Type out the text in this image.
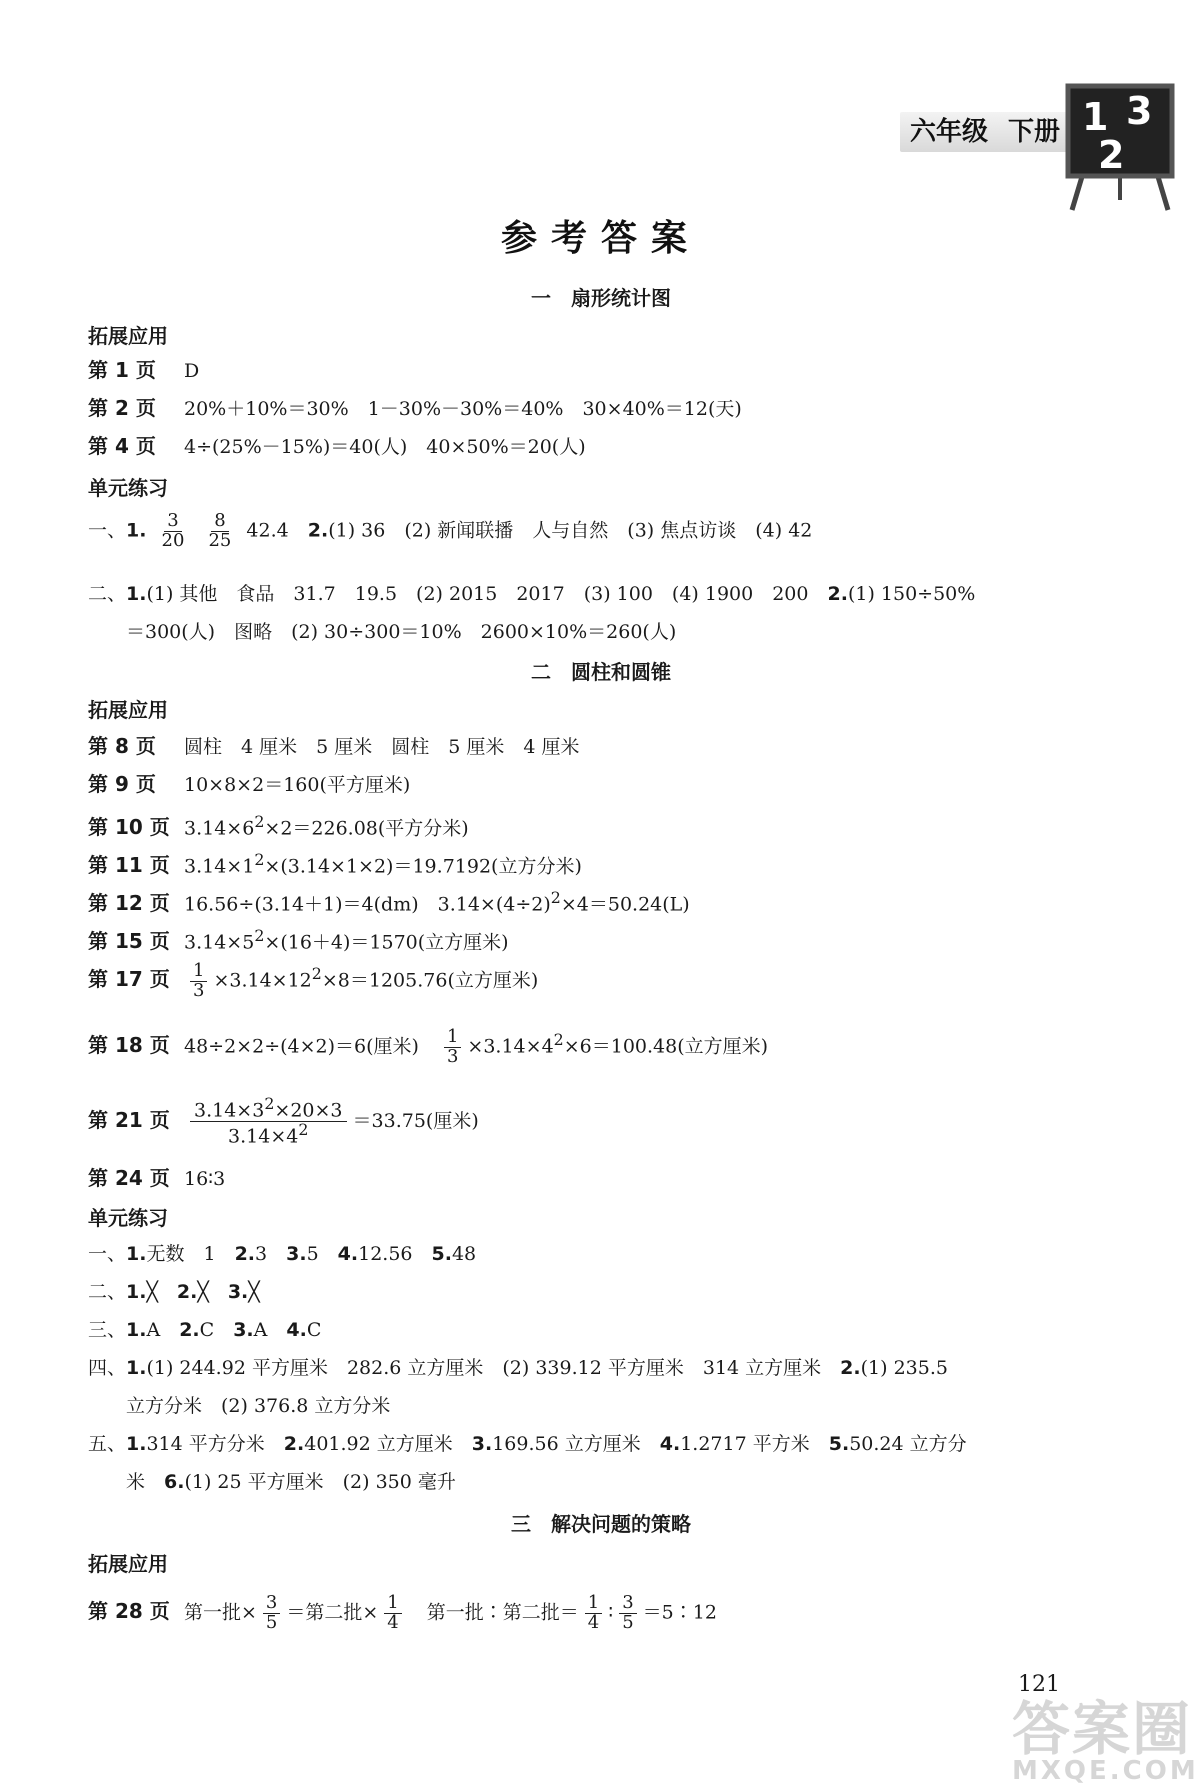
六年级 下册 1 3
2
参考答案
一　扇形统计图
拓展应用
第 1 页 D
第 2 页 20%＋10%＝30%　1－30%－30%＝40%　30×40%＝12(天)
第 4 页 4÷(25%－15%)＝40(人)　40×50%＝20(人)
单元练习
一、1. $\frac{3}{20}$
$\frac{8}{25} 42.4$　 2.(1) 36　(2) 新闻联播　人与自然　(3) 焦点访谈　(4) 42
二、1.(1) 其他　食品　31.7　19.5　(2) 2015　2017　(3) 100　(4) 1900　200　 2.(1) 150÷50%
＝300(人)　图略　(2) 30÷300＝10%　2600×10%＝260(人)
二　圆柱和圆锥
拓展应用
第 8 页 圆柱　4 厘米　5 厘米　圆柱　5 厘米　4 厘米
第 9 页 10×8×2＝160(平方厘米)
第 10 页 $3.14\times 6^2\times 2=226.08$(平方分米)
第 11 页 $3.14\times 1^2\times(3.14\times 1\times 2)=19.7192$(立方分米)
第 12 页 16.56÷(3.14＋1)＝4(dm)　$3.14\times(4\div 2)^2\times 4=50.24(L)$
第 15 页 $3.14\times 5^2\times(16+4)=1570$(立方厘米)
第 17 页 $\frac{1}{3} \times 3.14\times 12^2\times 8=1205.76$(立方厘米)
第 18 页 48÷2×2÷(4×2)＝6(厘米)　 $\frac{1}{3} \times 3.14\times 4^2\times 6=100.48$(立方厘米)
第 21 页 $\frac{3.14\times 3^2\times 20\times 3}{3.14\times 4^2} =33.75$(厘米)
第 24 页 16∶3
单元练习
一、1.无数　1　2.3　3.5　4.12.56　5.48
二、1.╳　2.╳　3.╳
三、1.A　2.C　3.A　4.C
四、1.(1) 244.92 平方厘米　282.6 立方厘米　(2) 339.12 平方厘米　314 立方厘米　2.(1) 235.5
立方分米　(2) 376.8 立方分米
五、1.314 平方分米　2.401.92 立方厘米　3.169.56 立方厘米　4.1.2717 平方米　5.50.24 立方分
米　6.(1) 25 平方厘米　(2) 350 毫升
三　解决问题的策略
拓展应用
第 28 页 第一批× $\frac{3}{5}$ ＝第二批× $\frac{1}{4}$
　 第一批∶第二批＝ $\frac{1}{4}$ ∶ $\frac{3}{5}$ ＝5∶12
121
答案圈
MXQE.COM
